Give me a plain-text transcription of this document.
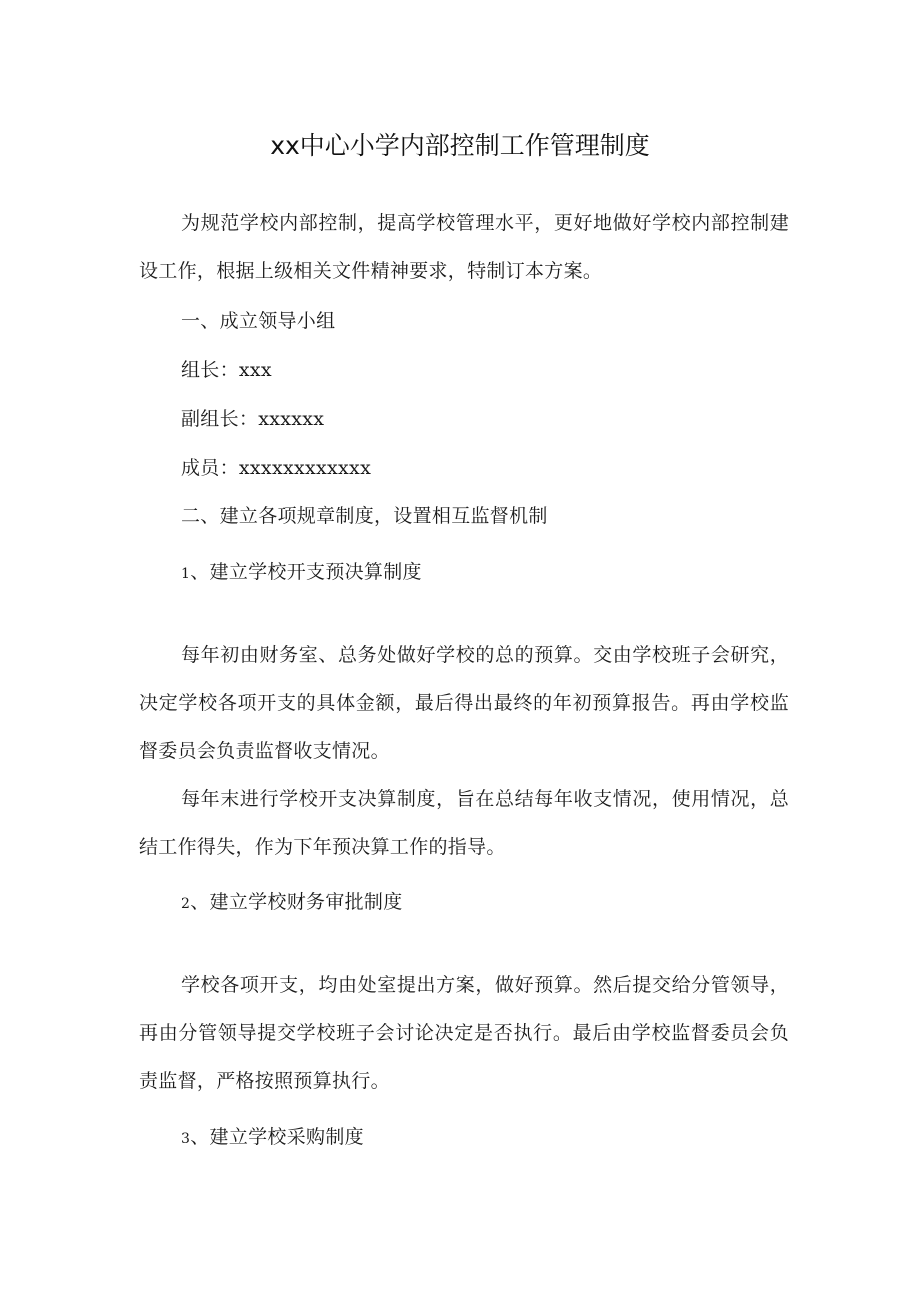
xx中心小学内部控制工作管理制度

为规范学校内部控制，提高学校管理水平，更好地做好学校内部控制建设工作，根据上级相关文件精神要求，特制订本方案。

一、成立领导小组

组长：xxx

副组长：xxxxxx

成员：xxxxxxxxxxxx

二、建立各项规章制度，设置相互监督机制

1、建立学校开支预决算制度

每年初由财务室、总务处做好学校的总的预算。交由学校班子会研究，决定学校各项开支的具体金额，最后得出最终的年初预算报告。再由学校监督委员会负责监督收支情况。

每年末进行学校开支决算制度，旨在总结每年收支情况，使用情况，总结工作得失，作为下年预决算工作的指导。

2、建立学校财务审批制度

学校各项开支，均由处室提出方案，做好预算。然后提交给分管领导，再由分管领导提交学校班子会讨论决定是否执行。最后由学校监督委员会负责监督，严格按照预算执行。

3、建立学校采购制度
